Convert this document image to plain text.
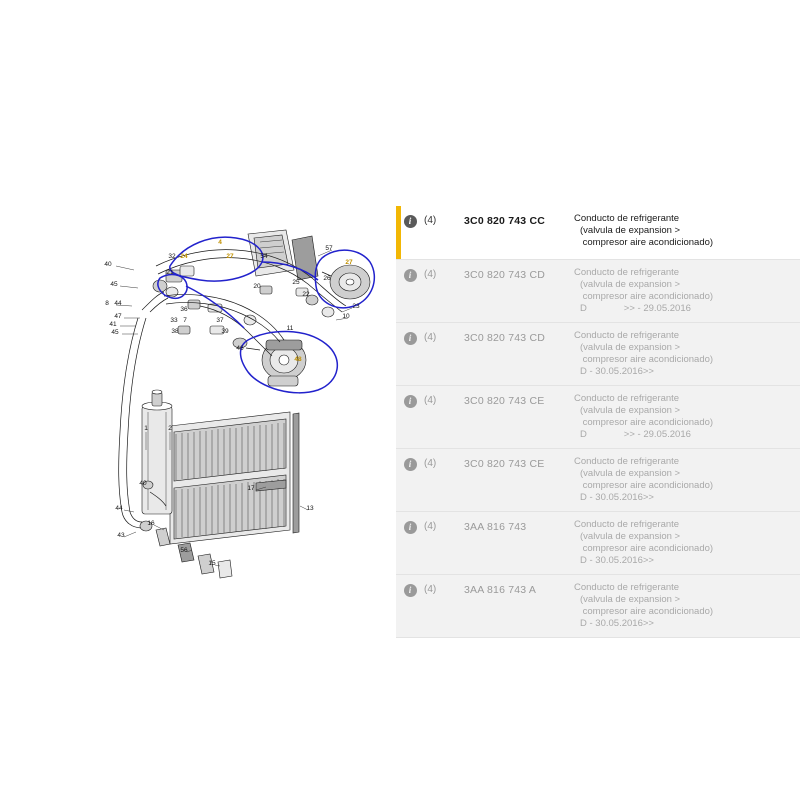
4
24	27
32
27
57
54
26
40
23
21
45	20
25
22
8 44
47
36
10
41
33 7	37
11
45	38	39
46
48
1	2
40
17
13
44
16
43
56
15
i	(4)	3C0 820 743 CC	Conducto de refrigerante
(valvula de expansion >
compresor aire acondicionado)
i	(4)	3C0 820 743 CD	Conducto de refrigerante
(valvula de expansion >
compresor aire acondicionado)
D              >> - 29.05.2016
i	(4)	3C0 820 743 CD	Conducto de refrigerante
(valvula de expansion >
compresor aire acondicionado)
D - 30.05.2016>>
i	(4)	3C0 820 743 CE	Conducto de refrigerante
(valvula de expansion >
compresor aire acondicionado)
D              >> - 29.05.2016
i	(4)	3C0 820 743 CE	Conducto de refrigerante
(valvula de expansion >
compresor aire acondicionado)
D - 30.05.2016>>
i	(4)	3AA 816 743	Conducto de refrigerante
(valvula de expansion >
compresor aire acondicionado)
D - 30.05.2016>>
i	(4)	3AA 816 743 A	Conducto de refrigerante
(valvula de expansion >
compresor aire acondicionado)
D - 30.05.2016>>
